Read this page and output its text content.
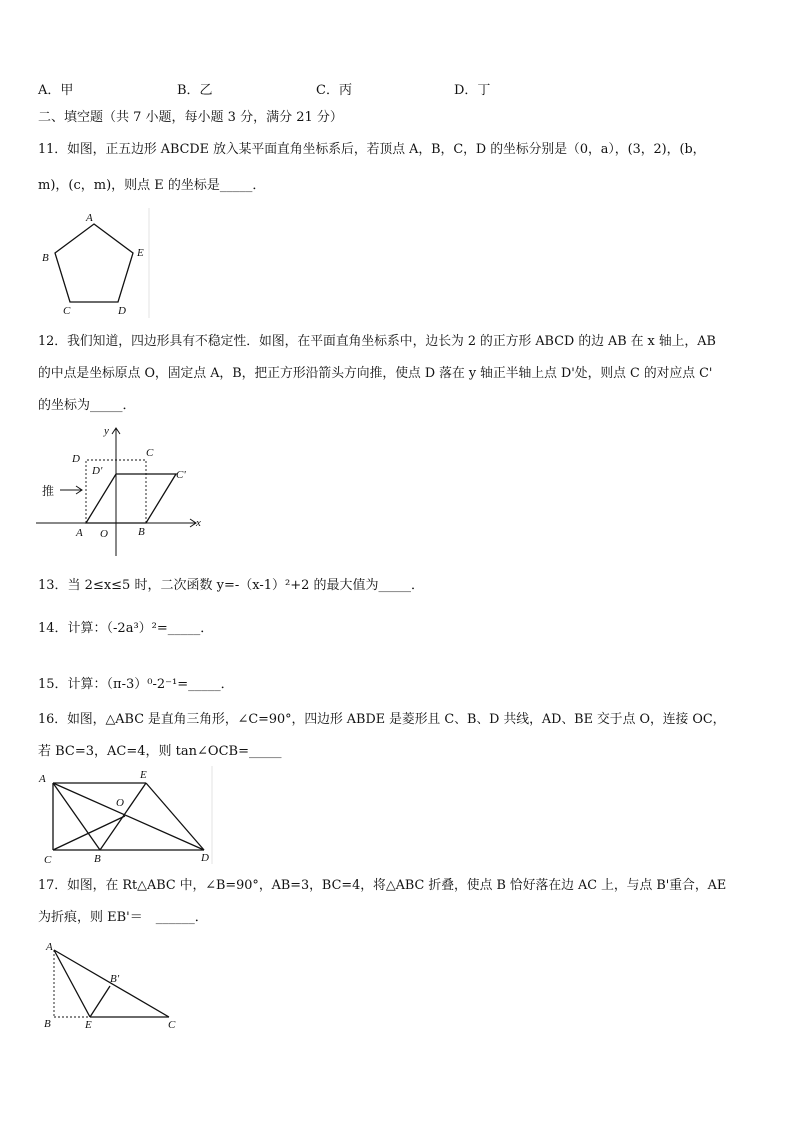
A．甲	B．乙	C．丙	D．丁
二、填空题（共 7 小题，每小题 3 分，满分 21 分）
11．如图，正五边形 ABCDE 放入某平面直角坐标系后，若顶点 A，B，C，D 的坐标分别是（0，a），(3，2)，(b，
m)，(c，m)，则点 E 的坐标是_____．
A
B	E
C	D
12．我们知道，四边形具有不稳定性．如图，在平面直角坐标系中，边长为 2 的正方形 ABCD 的边 AB 在 x 轴上，AB
的中点是坐标原点 O，固定点 A，B，把正方形沿箭头方向推，使点 D 落在 y 轴正半轴上点 D'处，则点 C 的对应点 C'
的坐标为_____．
推
y
x
D	C
D'	C'
A O	B
13．当 2≤x≤5 时，二次函数 y=-（x-1）²+2 的最大值为_____．
14．计算：（-2a³）²=_____．
15．计算：（π-3）⁰-2⁻¹=_____．
16．如图，△ABC 是直角三角形，∠C=90°，四边形 ABDE 是菱形且 C、B、D 共线，AD、BE 交于点 O，连接 OC，
若 BC=3，AC=4，则 tan∠OCB=_____
A	E
O
C	B	D
17．如图，在 Rt△ABC 中，∠B=90°，AB=3，BC=4，将△ABC 折叠，使点 B 恰好落在边 AC 上，与点 B'重合，AE
为折痕，则 EB'＝　______．
A
B'
B	E	C
